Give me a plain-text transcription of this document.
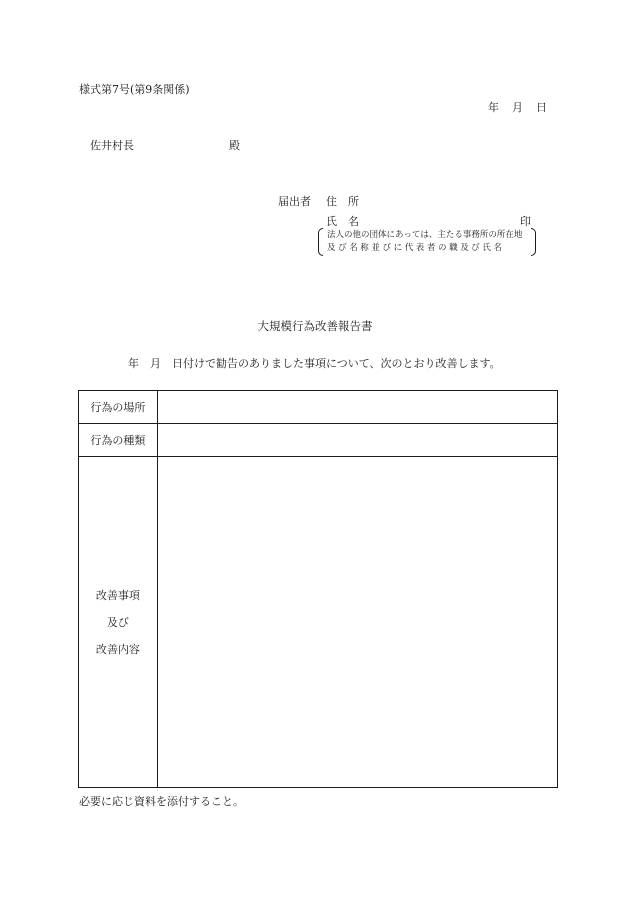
様式第7号(第9条関係)
年 月 日
佐井村長	殿
届出者 住　所
氏　名	印
法人の他の団体にあっては、主たる事務所の所在地
及び名称並びに代表者の職及び氏名
大規模行為改善報告書
年　月　日付けで勧告のありました事項について、次のとおり改善します。
行為の場所	
行為の種類	

改善事項
及び
改善内容	

必要に応じ資料を添付すること。
